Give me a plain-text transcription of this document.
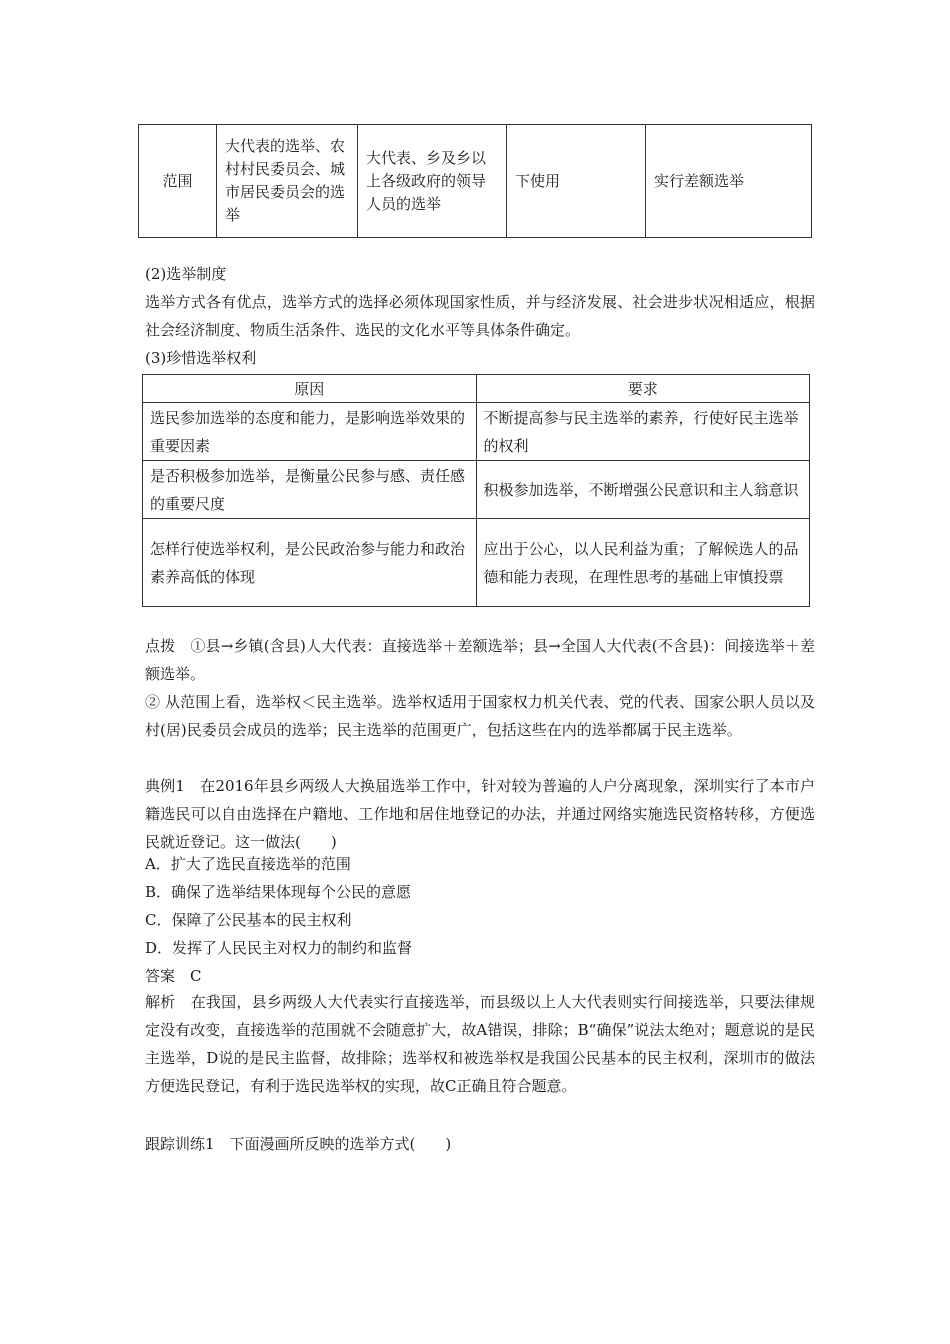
范围	大代表的选举、农村村民委员会、城市居民委员会的选举	大代表、乡及乡以上各级政府的领导人员的选举	下使用	实行差额选举
(2)选举制度
选举方式各有优点，选举方式的选择必须体现国家性质，并与经济发展、社会进步状况相适应，根据社会经济制度、物质生活条件、选民的文化水平等具体条件确定。
(3)珍惜选举权利
原因	要求
选民参加选举的态度和能力，是影响选举效果的重要因素	不断提高参与民主选举的素养，行使好民主选举的权利
是否积极参加选举，是衡量公民参与感、责任感的重要尺度	积极参加选举，不断增强公民意识和主人翁意识
怎样行使选举权利，是公民政治参与能力和政治素养高低的体现	应出于公心，以人民利益为重；了解候选人的品德和能力表现，在理性思考的基础上审慎投票
点拨　①县→乡镇(含县)人大代表：直接选举＋差额选举；县→全国人大代表(不含县)：间接选举＋差额选举。
② 从范围上看，选举权＜民主选举。选举权适用于国家权力机关代表、党的代表、国家公职人员以及村(居)民委员会成员的选举；民主选举的范围更广，包括这些在内的选举都属于民主选举。
典例1　在2016年县乡两级人大换届选举工作中，针对较为普遍的人户分离现象，深圳实行了本市户籍选民可以自由选择在户籍地、工作地和居住地登记的办法，并通过网络实施选民资格转移，方便选民就近登记。这一做法(　　)
A．扩大了选民直接选举的范围
B．确保了选举结果体现每个公民的意愿
C．保障了公民基本的民主权利
D．发挥了人民民主对权力的制约和监督
答案　C
解析　在我国，县乡两级人大代表实行直接选举，而县级以上人大代表则实行间接选举，只要法律规定没有改变，直接选举的范围就不会随意扩大，故A错误，排除；B“确保”说法太绝对；题意说的是民主选举，D说的是民主监督，故排除；选举权和被选举权是我国公民基本的民主权利，深圳市的做法方便选民登记，有利于选民选举权的实现，故C正确且符合题意。
跟踪训练1　下面漫画所反映的选举方式(　　)
